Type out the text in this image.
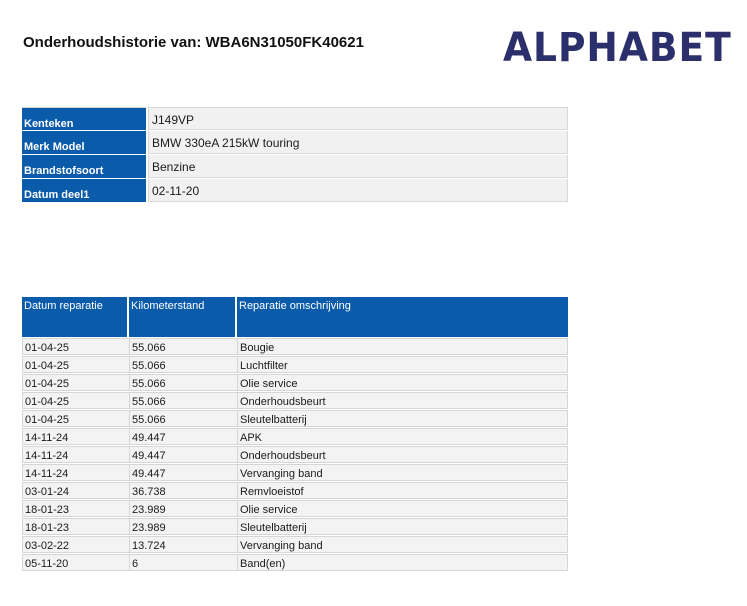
Onderhoudshistorie van: WBA6N31050FK40621	ALPHABET
Kenteken	J149VP
Merk Model	BMW 330eA 215kW touring
Brandstofsoort	Benzine
Datum deel1	02-11-20
Datum reparatie	Kilometerstand	Reparatie omschrijving
01-04-25	55.066	Bougie
01-04-25	55.066	Luchtfilter
01-04-25	55.066	Olie service
01-04-25	55.066	Onderhoudsbeurt
01-04-25	55.066	Sleutelbatterij
14-11-24	49.447	APK
14-11-24	49.447	Onderhoudsbeurt
14-11-24	49.447	Vervanging band
03-01-24	36.738	Remvloeistof
18-01-23	23.989	Olie service
18-01-23	23.989	Sleutelbatterij
03-02-22	13.724	Vervanging band
05-11-20	6	Band(en)
